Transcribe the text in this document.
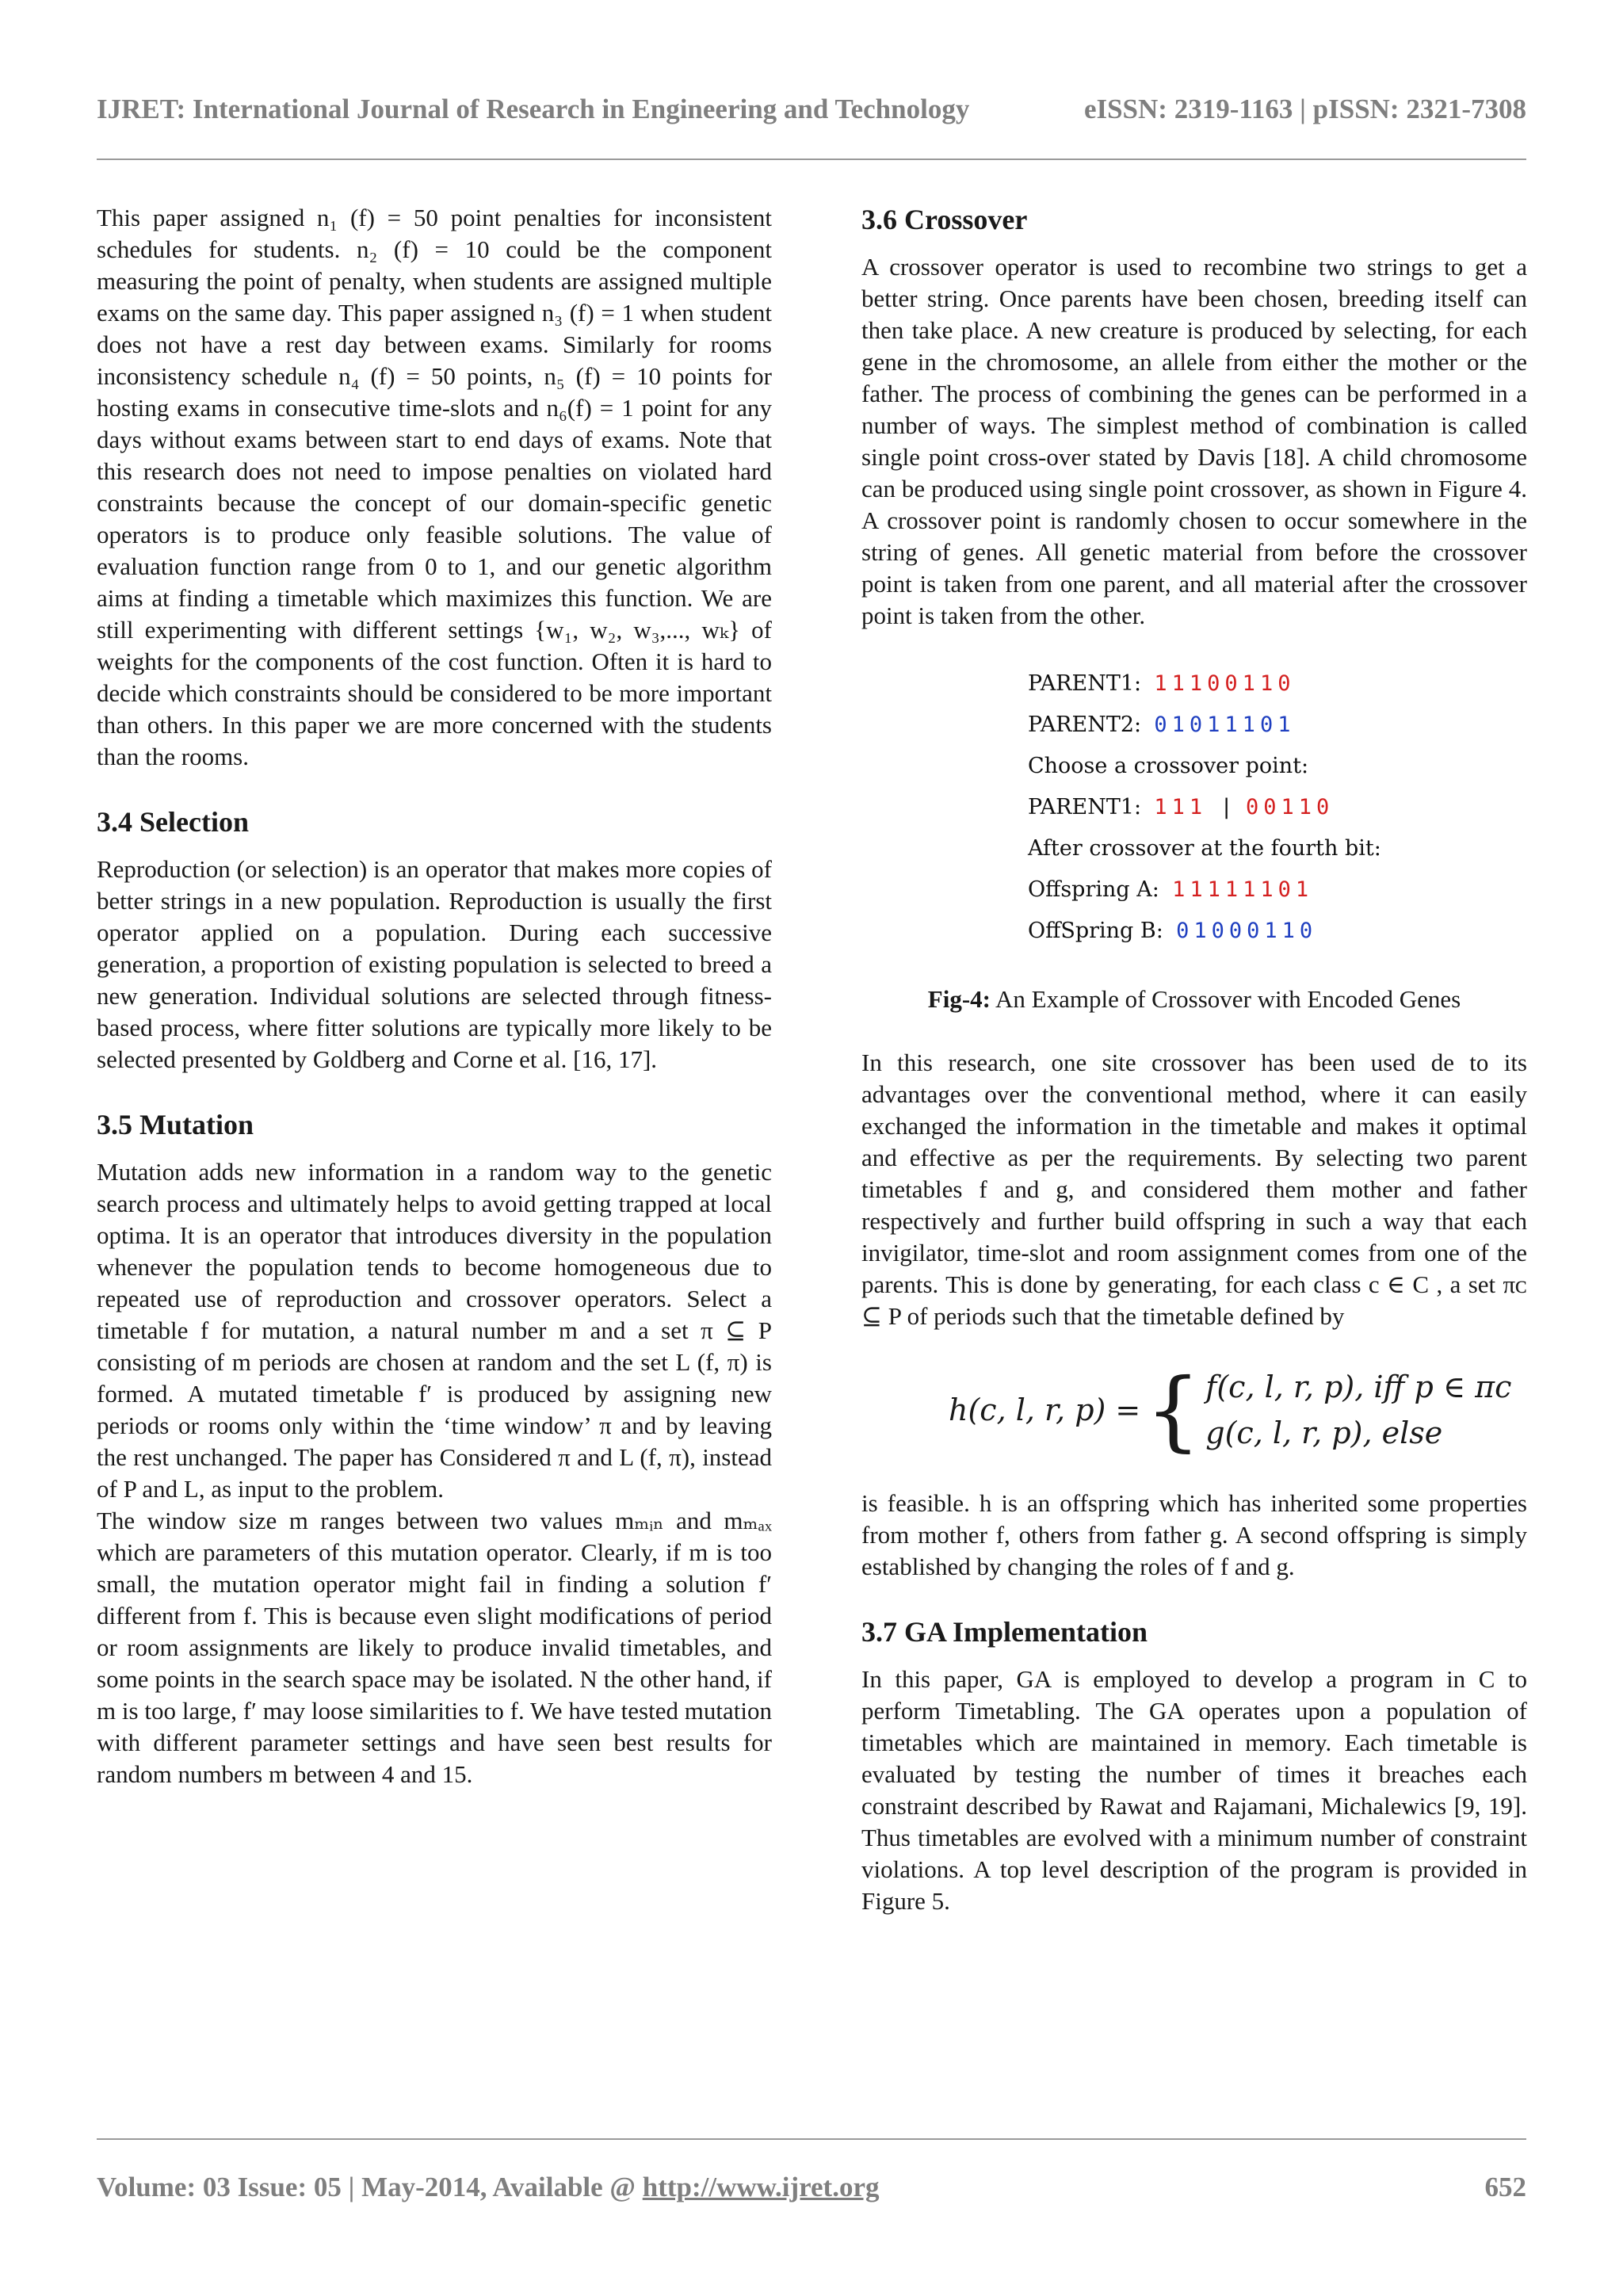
IJRET: International Journal of Research in Engineering and Technology	eISSN: 2319-1163 | pISSN: 2321-7308

This paper assigned n₁ (f) = 50 point penalties for inconsistent schedules for students. n₂ (f) = 10 could be the component measuring the point of penalty, when students are assigned multiple exams on the same day. This paper assigned n₃ (f) = 1 when student does not have a rest day between exams. Similarly for rooms inconsistency schedule n₄ (f) = 50 points, n₅ (f) = 10 points for hosting exams in consecutive time-slots and n₆(f) = 1 point for any days without exams between start to end days of exams. Note that this research does not need to impose penalties on violated hard constraints because the concept of our domain-specific genetic operators is to produce only feasible solutions. The value of evaluation function range from 0 to 1, and our genetic algorithm aims at finding a timetable which maximizes this function. We are still experimenting with different settings {w₁, w₂, w₃,..., wₖ} of weights for the components of the cost function. Often it is hard to decide which constraints should be considered to be more important than others. In this paper we are more concerned with the students than the rooms.

3.4 Selection

Reproduction (or selection) is an operator that makes more copies of better strings in a new population. Reproduction is usually the first operator applied on a population. During each successive generation, a proportion of existing population is selected to breed a new generation. Individual solutions are selected through fitness-based process, where fitter solutions are typically more likely to be selected presented by Goldberg and Corne et al. [16, 17].

3.5 Mutation

Mutation adds new information in a random way to the genetic search process and ultimately helps to avoid getting trapped at local optima. It is an operator that introduces diversity in the population whenever the population tends to become homogeneous due to repeated use of reproduction and crossover operators. Select a timetable f for mutation, a natural number m and a set π ⊆ P consisting of m periods are chosen at random and the set L (f, π) is formed. A mutated timetable f′ is produced by assigning new periods or rooms only within the ‘time window’ π and by leaving the rest unchanged. The paper has Considered π and L (f, π), instead of P and L, as input to the problem.

The window size m ranges between two values mₘᵢₙ and mₘₐₓ which are parameters of this mutation operator. Clearly, if m is too small, the mutation operator might fail in finding a solution f′ different from f. This is because even slight modifications of period or room assignments are likely to produce invalid timetables, and some points in the search space may be isolated. N the other hand, if m is too large, f′ may loose similarities to f. We have tested mutation with different parameter settings and have seen best results for random numbers m between 4 and 15.

3.6 Crossover

A crossover operator is used to recombine two strings to get a better string. Once parents have been chosen, breeding itself can then take place. A new creature is produced by selecting, for each gene in the chromosome, an allele from either the mother or the father. The process of combining the genes can be performed in a number of ways. The simplest method of combination is called single point cross-over stated by Davis [18]. A child chromosome can be produced using single point crossover, as shown in Figure 4. A crossover point is randomly chosen to occur somewhere in the string of genes. All genetic material from before the crossover point is taken from one parent, and all material after the crossover point is taken from the other.

PARENT1: 11100110
PARENT2: 01011101
Choose a crossover point:
PARENT1: 111 | 00110
After crossover at the fourth bit:
Offspring A: 11111101
OffSpring B: 01000110
Fig-4: An Example of Crossover with Encoded Genes

In this research, one site crossover has been used de to its advantages over the conventional method, where it can easily exchanged the information in the timetable and makes it optimal and effective as per the requirements. By selecting two parent timetables f and g, and considered them mother and father respectively and further build offspring in such a way that each invigilator, time-slot and room assignment comes from one of the parents. This is done by generating, for each class c ∈ C , a set πᴄ ⊆ P of periods such that the timetable defined by

h(c, l, r, p) = { f(c, l, r, p), iff p ∈ πc
g(c, l, r, p), else

is feasible. h is an offspring which has inherited some properties from mother f, others from father g. A second offspring is simply established by changing the roles of f and g.

3.7 GA Implementation

In this paper, GA is employed to develop a program in C to perform Timetabling. The GA operates upon a population of timetables which are maintained in memory. Each timetable is evaluated by testing the number of times it breaches each constraint described by Rawat and Rajamani, Michalewics [9, 19]. Thus timetables are evolved with a minimum number of constraint violations. A top level description of the program is provided in Figure 5.

Volume: 03 Issue: 05 | May-2014, Available @ http://www.ijret.org	652
